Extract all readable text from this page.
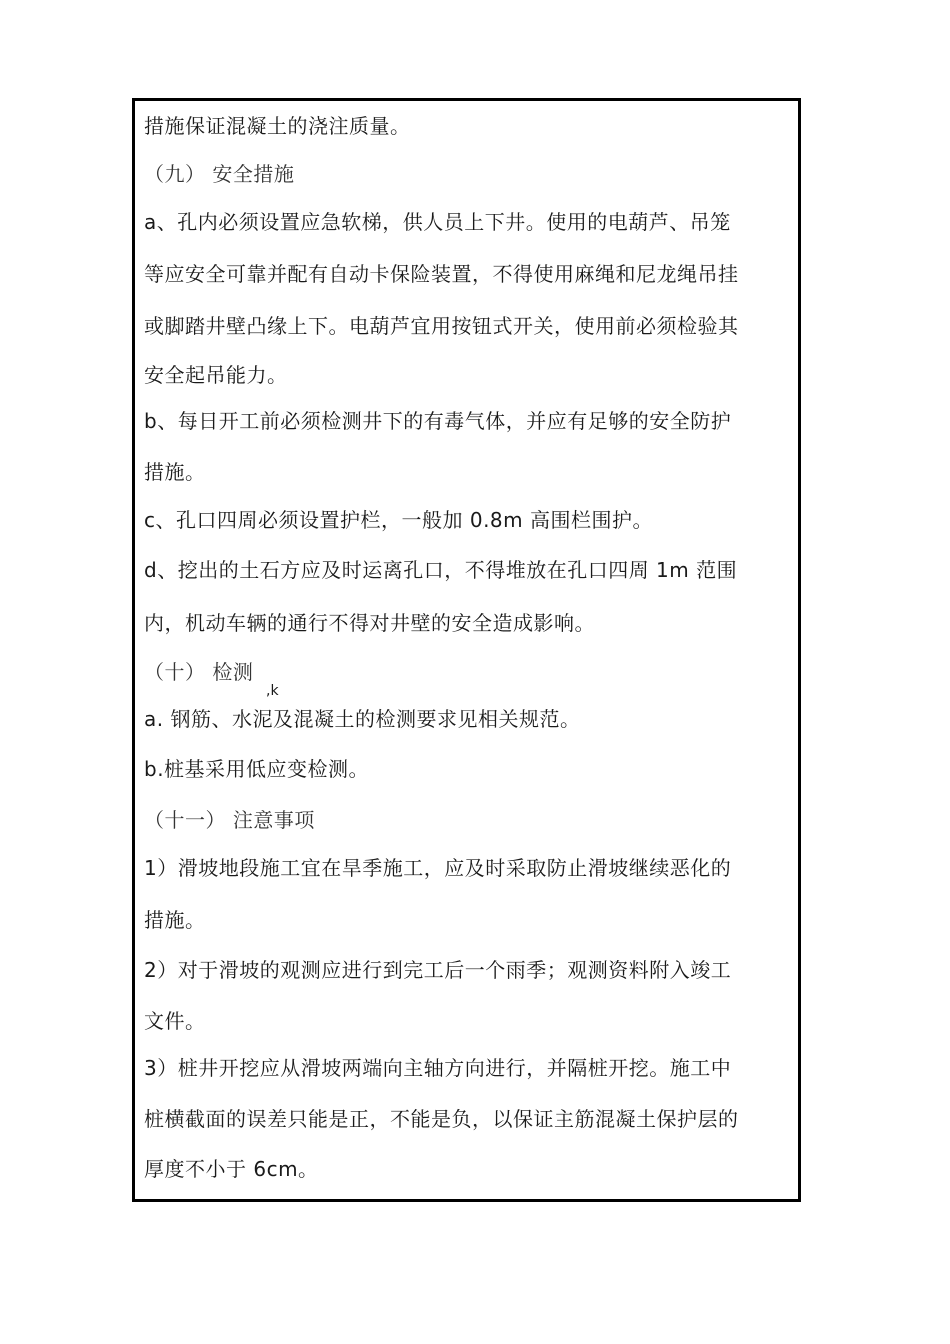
措施保证混凝土的浇注质量。
（九） 安全措施
a、孔内必须设置应急软梯，供人员上下井。使用的电葫芦、吊笼
等应安全可靠并配有自动卡保险装置，不得使用麻绳和尼龙绳吊挂
或脚踏井壁凸缘上下。电葫芦宜用按钮式开关，使用前必须检验其
安全起吊能力。
b、每日开工前必须检测井下的有毒气体，并应有足够的安全防护
措施。
c、孔口四周必须设置护栏，一般加 0.8m 高围栏围护。
d、挖出的土石方应及时运离孔口，不得堆放在孔口四周 1m 范围
内，机动车辆的通行不得对井壁的安全造成影响。
（十） 检测
,k
a. 钢筋、水泥及混凝土的检测要求见相关规范。
b.桩基采用低应变检测。
（十一） 注意事项
1）滑坡地段施工宜在旱季施工，应及时采取防止滑坡继续恶化的
措施。
2）对于滑坡的观测应进行到完工后一个雨季；观测资料附入竣工
文件。
3）桩井开挖应从滑坡两端向主轴方向进行，并隔桩开挖。施工中
桩横截面的误差只能是正，不能是负，以保证主筋混凝土保护层的
厚度不小于 6cm。
